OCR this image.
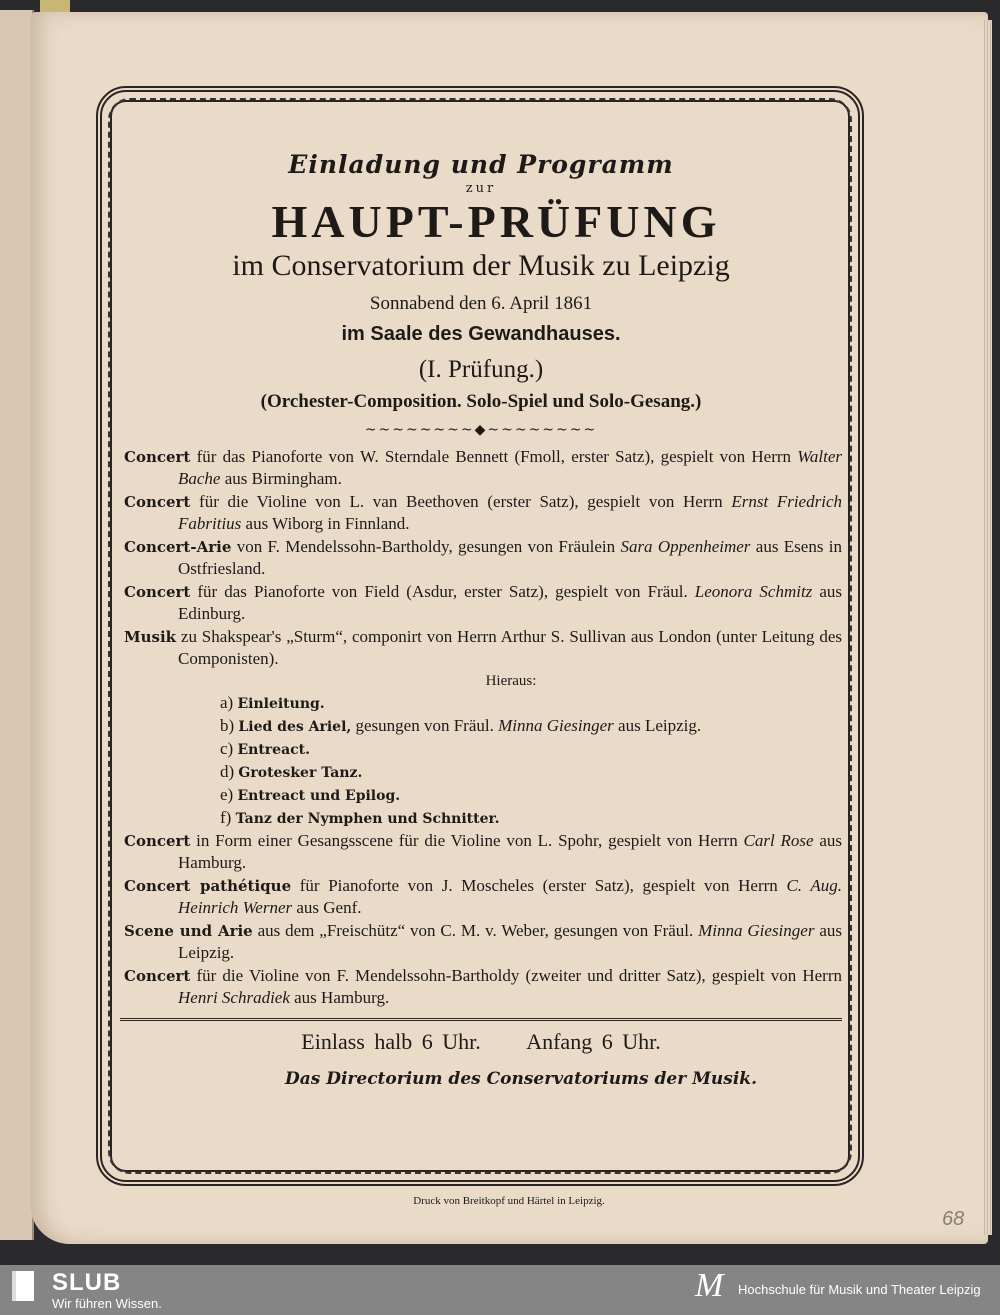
Druck von Breitkopf und Härtel in Leipzig.
68
Einladung und Programm
zur
HAUPT-PRÜFUNG
im Conservatorium der Musik zu Leipzig
Sonnabend den 6. April 1861
im Saale des Gewandhauses.
(I. Prüfung.)
(Orchester-Composition. Solo-Spiel und Solo-Gesang.)
~~~~~~~~◆~~~~~~~~
Concert für das Pianoforte von W. Sterndale Bennett (Fmoll, erster Satz), gespielt von Herrn Walter Bache aus Birmingham.
Concert für die Violine von L. van Beethoven (erster Satz), gespielt von Herrn Ernst Friedrich Fabritius aus Wiborg in Finnland.
Concert-Arie von F. Mendelssohn-Bartholdy, gesungen von Fräulein Sara Oppenheimer aus Esens in Ostfriesland.
Concert für das Pianoforte von Field (Asdur, erster Satz), gespielt von Fräul. Leonora Schmitz aus Edinburg.
Musik zu Shakspear's „Sturm“, componirt von Herrn Arthur S. Sullivan aus London (unter Leitung des Componisten).
Hieraus:
a) Einleitung.
b) Lied des Ariel, gesungen von Fräul. Minna Giesinger aus Leipzig.
c) Entreact.
d) Grotesker Tanz.
e) Entreact und Epilog.
f) Tanz der Nymphen und Schnitter.
Concert in Form einer Gesangsscene für die Violine von L. Spohr, gespielt von Herrn Carl Rose aus Hamburg.
Concert pathétique für Pianoforte von J. Moscheles (erster Satz), gespielt von Herrn C. Aug. Heinrich Werner aus Genf.
Scene und Arie aus dem „Freischütz“ von C. M. v. Weber, gesungen von Fräul. Minna Giesinger aus Leipzig.
Concert für die Violine von F. Mendelssohn-Bartholdy (zweiter und dritter Satz), gespielt von Herrn Henri Schradiek aus Hamburg.
Einlass halb 6 Uhr. Anfang 6 Uhr.
Das Directorium des Conservatoriums der Musik.
SLUB
Wir führen Wissen.	M Hochschule für Musik und Theater Leipzig
